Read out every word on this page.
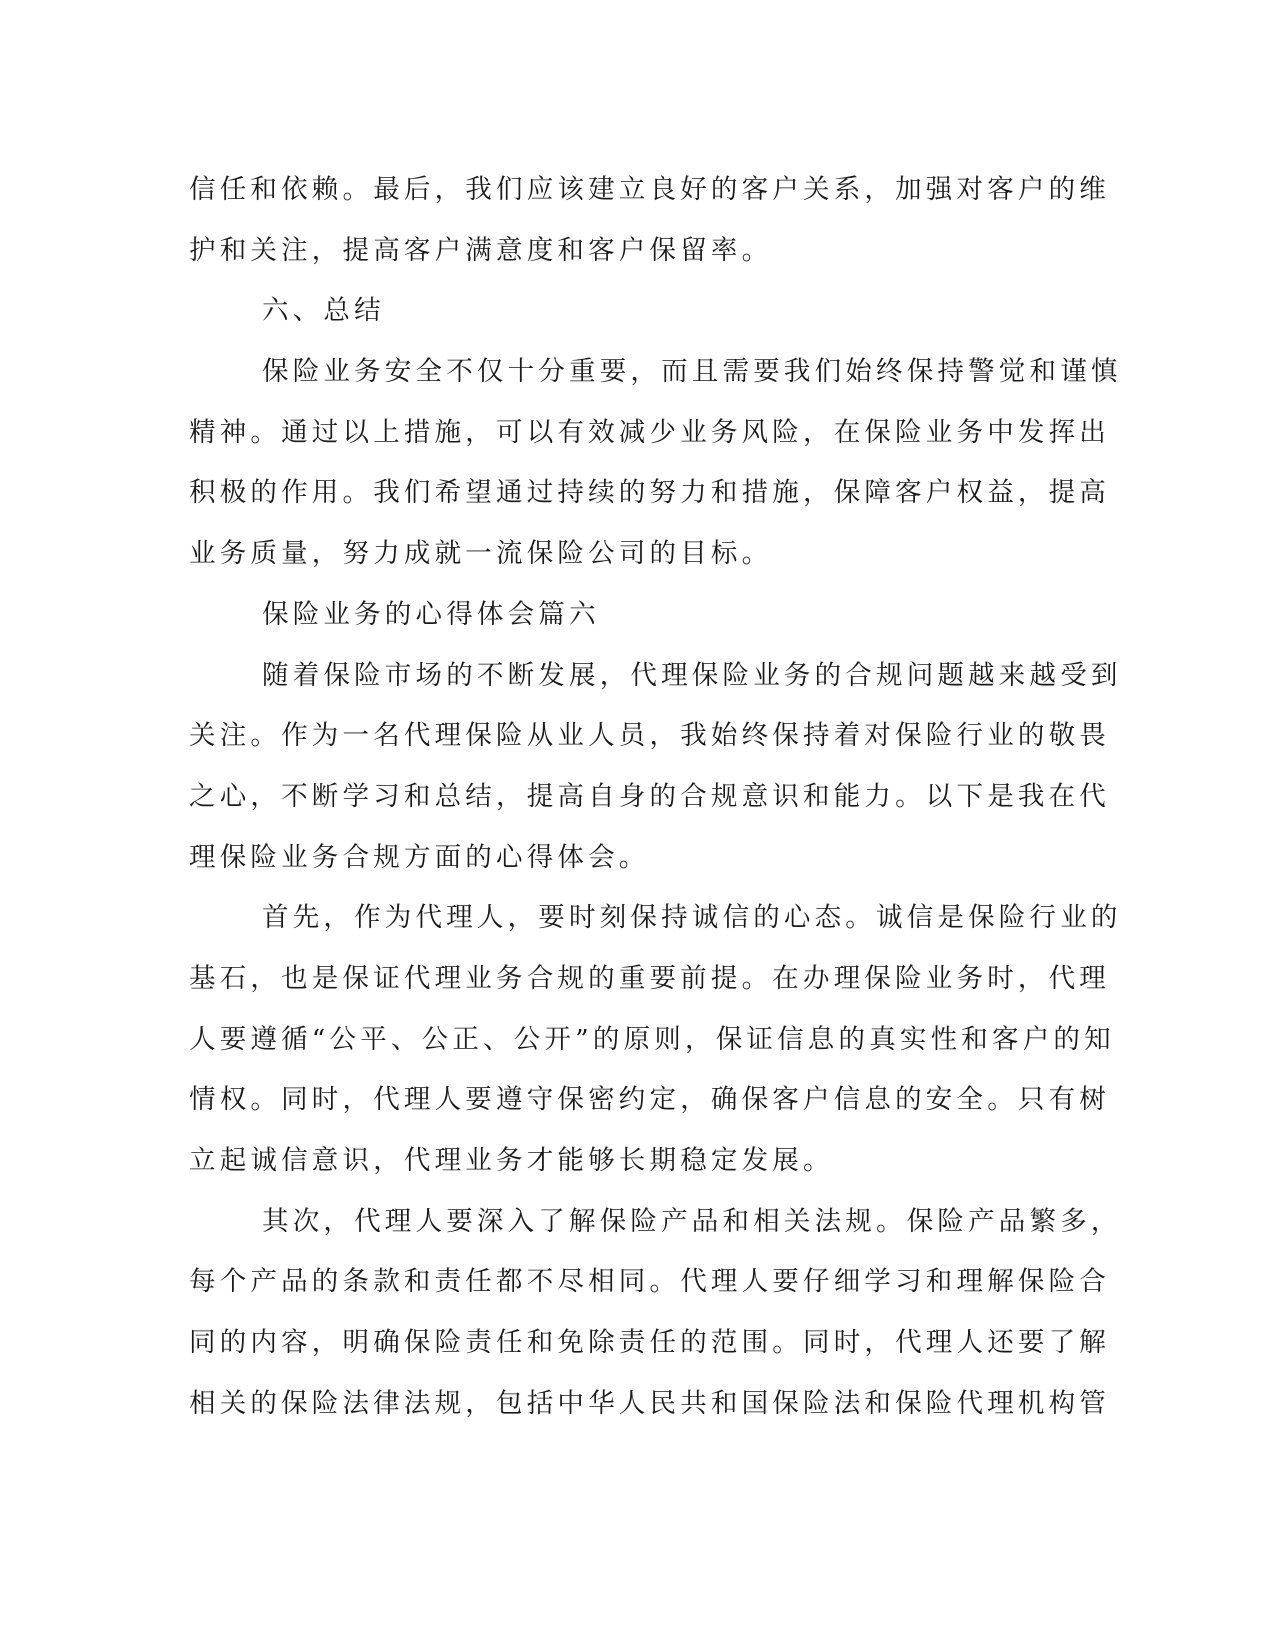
信任和依赖。最后，我们应该建立良好的客户关系，加强对客户的维
护和关注，提高客户满意度和客户保留率。

六、总结

保险业务安全不仅十分重要，而且需要我们始终保持警觉和谨慎
精神。通过以上措施，可以有效减少业务风险，在保险业务中发挥出
积极的作用。我们希望通过持续的努力和措施，保障客户权益，提高
业务质量，努力成就一流保险公司的目标。

保险业务的心得体会篇六

随着保险市场的不断发展，代理保险业务的合规问题越来越受到
关注。作为一名代理保险从业人员，我始终保持着对保险行业的敬畏
之心，不断学习和总结，提高自身的合规意识和能力。以下是我在代
理保险业务合规方面的心得体会。

首先，作为代理人，要时刻保持诚信的心态。诚信是保险行业的
基石，也是保证代理业务合规的重要前提。在办理保险业务时，代理
人要遵循“公平、公正、公开”的原则，保证信息的真实性和客户的知
情权。同时，代理人要遵守保密约定，确保客户信息的安全。只有树
立起诚信意识，代理业务才能够长期稳定发展。

其次，代理人要深入了解保险产品和相关法规。保险产品繁多，
每个产品的条款和责任都不尽相同。代理人要仔细学习和理解保险合
同的内容，明确保险责任和免除责任的范围。同时，代理人还要了解
相关的保险法律法规，包括中华人民共和国保险法和保险代理机构管
